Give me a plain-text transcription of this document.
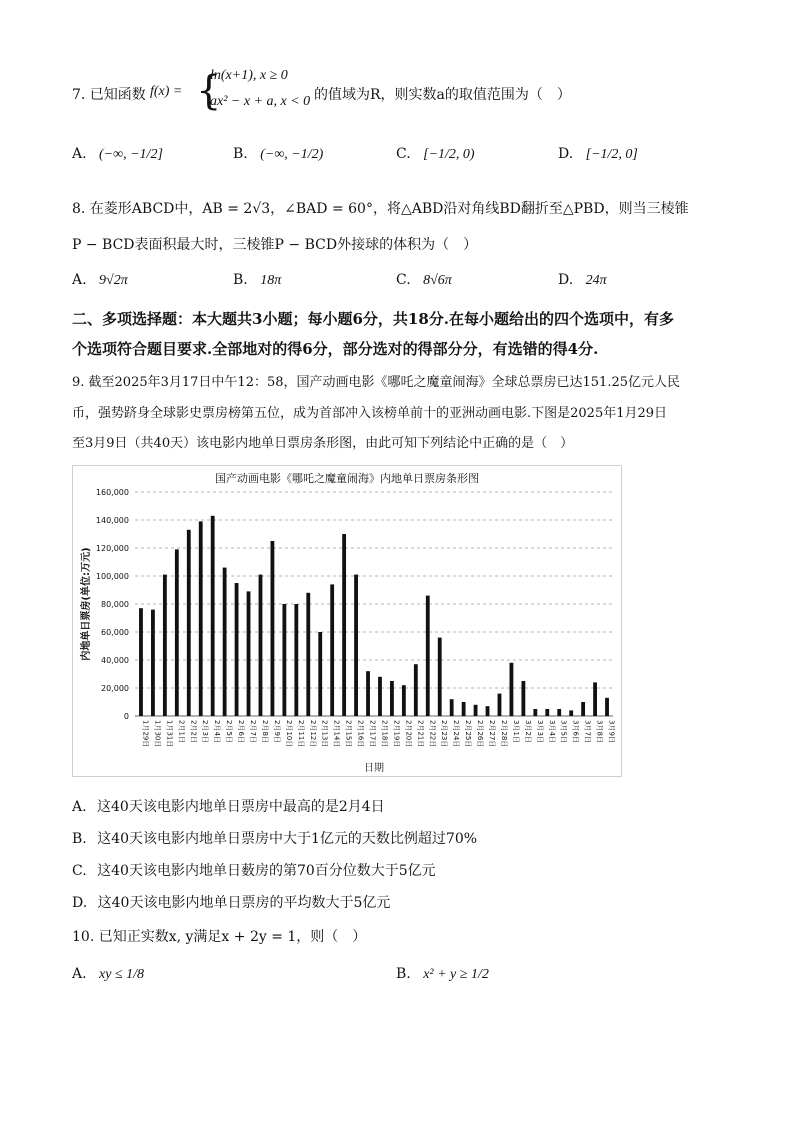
7. 已知函数 f(x) = {
ln(x+1), x ≥ 0
ax² − x + a, x < 0 的值域为R，则实数a的取值范围为（　）
A. (−∞, −1/2]	B. (−∞, −1/2)	C. [−1/2, 0)	D. [−1/2, 0]
8. 在菱形ABCD中，AB = 2√3，∠BAD = 60°，将△ABD沿对角线BD翻折至△PBD，则当三棱锥
P − BCD表面积最大时，三棱锥P − BCD外接球的体积为（　）
A. 9√2π	B. 18π	C. 8√6π	D. 24π
二、多项选择题：本大题共3小题；每小题6分，共18分.在每小题给出的四个选项中，有多
个选项符合题目要求.全部地对的得6分，部分选对的得部分分，有选错的得4分.
9. 截至2025年3月17日中午12：58，国产动画电影《哪吒之魔童闹海》全球总票房已达151.25亿元人民
币，强势跻身全球影史票房榜第五位，成为首部冲入该榜单前十的亚洲动画电影.下图是2025年1月29日
至3月9日（共40天）该电影内地单日票房条形图，由此可知下列结论中正确的是（　）
国产动画电影《哪吒之魔童闹海》内地单日票房条形图
0
20,000
40,000
60,000
80,000
100,000
120,000
140,000
160,000
1月29日 1月30日 1月31日 2月1日 2月2日 2月3日 2月4日 2月5日 2月6日 2月7日 2月8日 2月9日 2月10日 2月11日 2月12日 2月13日 2月14日 2月15日 2月16日 2月17日 2月18日 2月19日 2月20日 2月21日 2月22日 2月23日 2月24日 2月25日 2月26日 2月27日 2月28日 3月1日 3月2日 3月3日 3月4日 3月5日 3月6日 3月7日 3月8日 3月9日
日期
内地单日票房(单位:万元)
A. 这40天该电影内地单日票房中最高的是2月4日
B. 这40天该电影内地单日票房中大于1亿元的天数比例超过70%
C. 这40天该电影内地单日薮房的第70百分位数大于5亿元
D. 这40天该电影内地单日票房的平均数大于5亿元
10. 已知正实数x, y满足x + 2y = 1，则（　）
A. xy ≤ 1/8	B. x² + y ≥ 1/2
